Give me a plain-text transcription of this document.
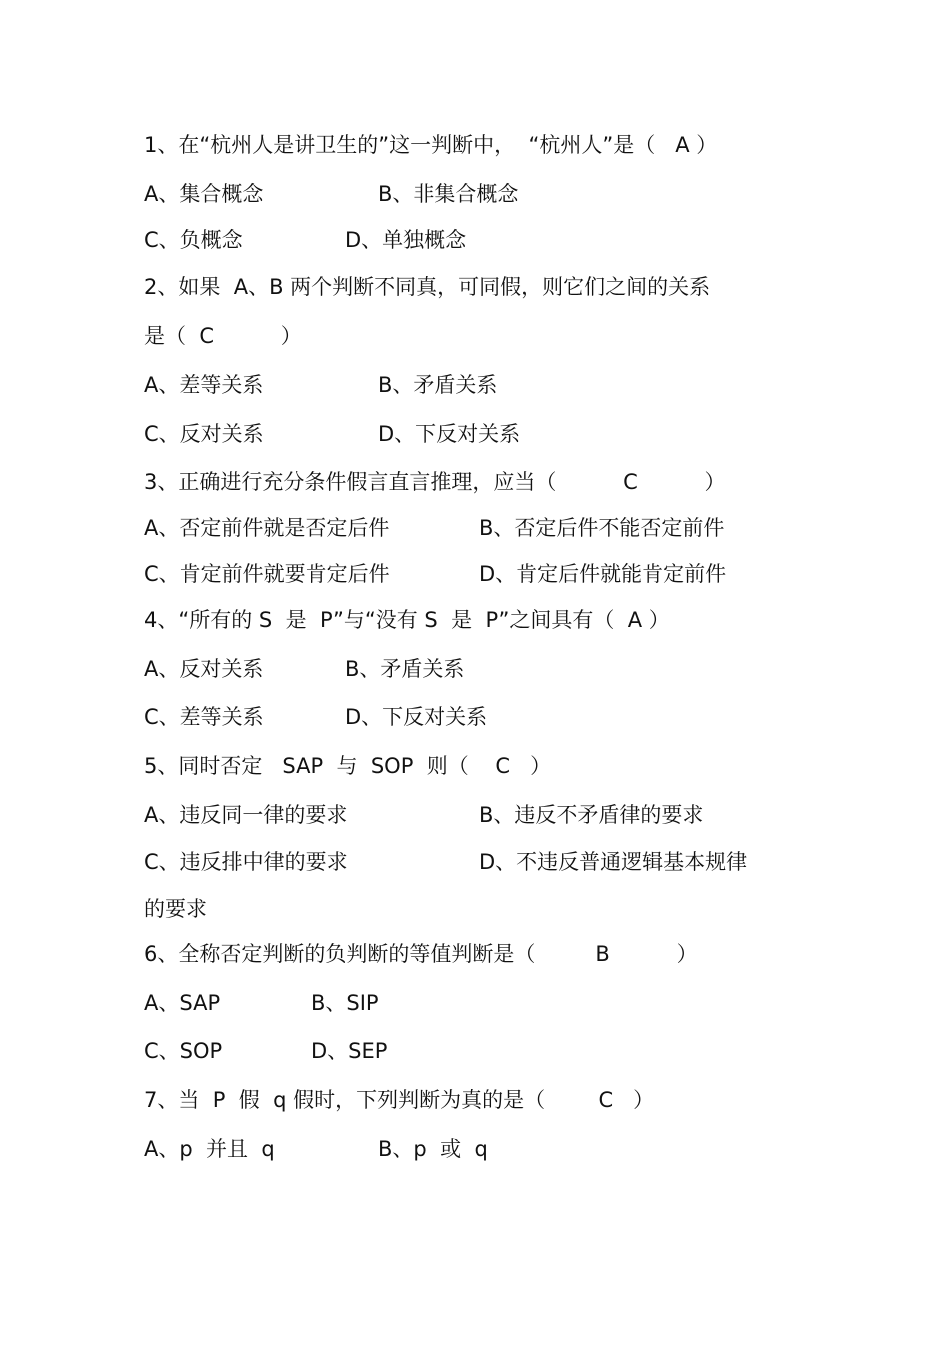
1、在“杭州人是讲卫生的”这一判断中，  “杭州人”是（   A ）
A、集合概念	B、非集合概念
C、负概念	D、单独概念
2、如果  A、B 两个判断不同真，可同假，则它们之间的关系
是（  C          ）
A、差等关系	B、矛盾关系
C、反对关系	D、下反对关系
3、正确进行充分条件假言直言推理，应当（          C          ）
A、否定前件就是否定后件	B、否定后件不能否定前件
C、肯定前件就要肯定后件	D、肯定后件就能肯定前件
4、“所有的 S  是  P”与“没有 S  是  P”之间具有（  A ）
A、反对关系	B、矛盾关系
C、差等关系	D、下反对关系
5、同时否定   SAP  与  SOP  则（    C   ）
A、违反同一律的要求	B、违反不矛盾律的要求
C、违反排中律的要求	D、不违反普通逻辑基本规律
的要求
6、全称否定判断的负判断的等值判断是（         B          ）
A、SAP	B、SIP
C、SOP	D、SEP
7、当  P  假  q 假时，下列判断为真的是（        C   ）
A、p  并且  q	B、p  或  q
